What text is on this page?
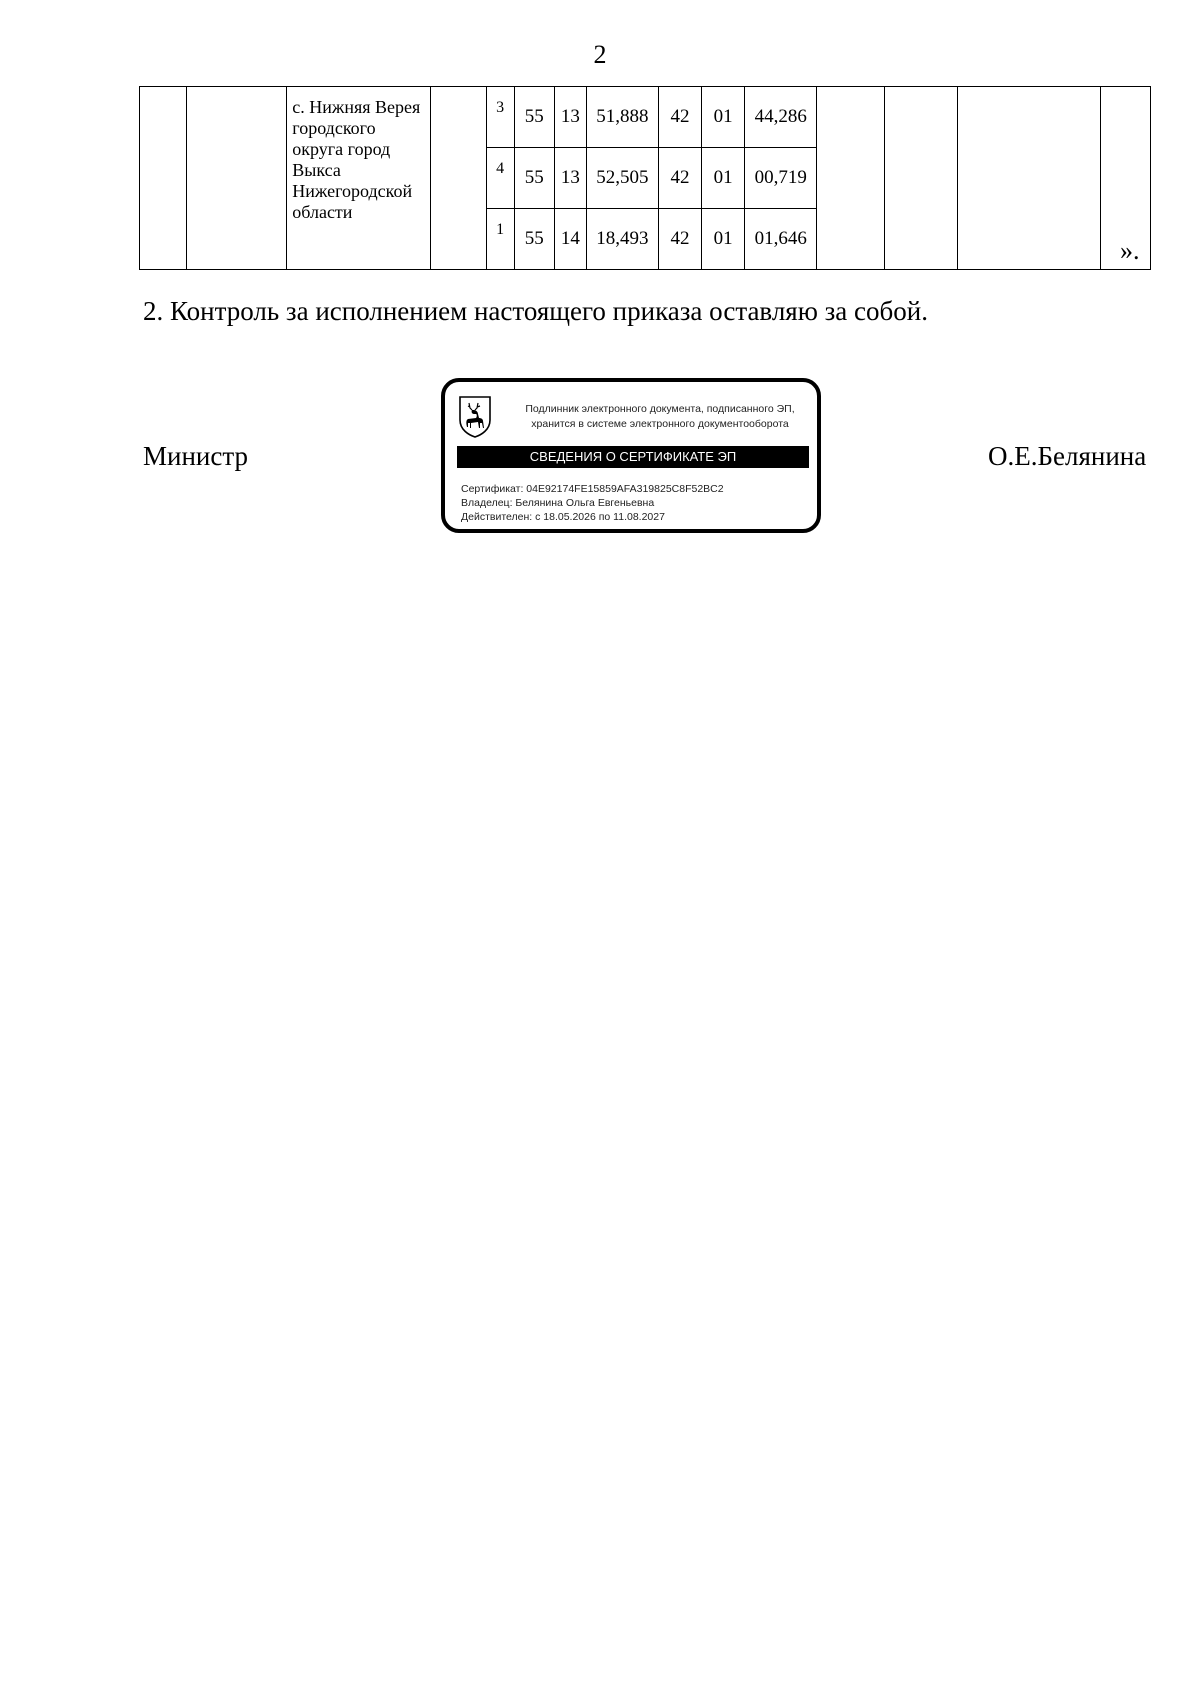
2
		с. Нижняя Верея городского округа город Выкса Нижегородской области		3	55	13	51,888	42	01	44,286				
				4	55	13	52,505	42	01	00,719				
				1	55	14	18,493	42	01	01,646					».
2. Контроль за исполнением настоящего приказа оставляю за собой.
Министр
Подлинник электронного документа, подписанного ЭП, хранится в системе электронного документооборота
СВЕДЕНИЯ О СЕРТИФИКАТЕ ЭП
Сертификат: 04E92174FE15859AFA319825C8F52BC2
Владелец: Белянина Ольга Евгеньевна
Действителен: с 18.05.2026 по 11.08.2027
О.Е.Белянина
